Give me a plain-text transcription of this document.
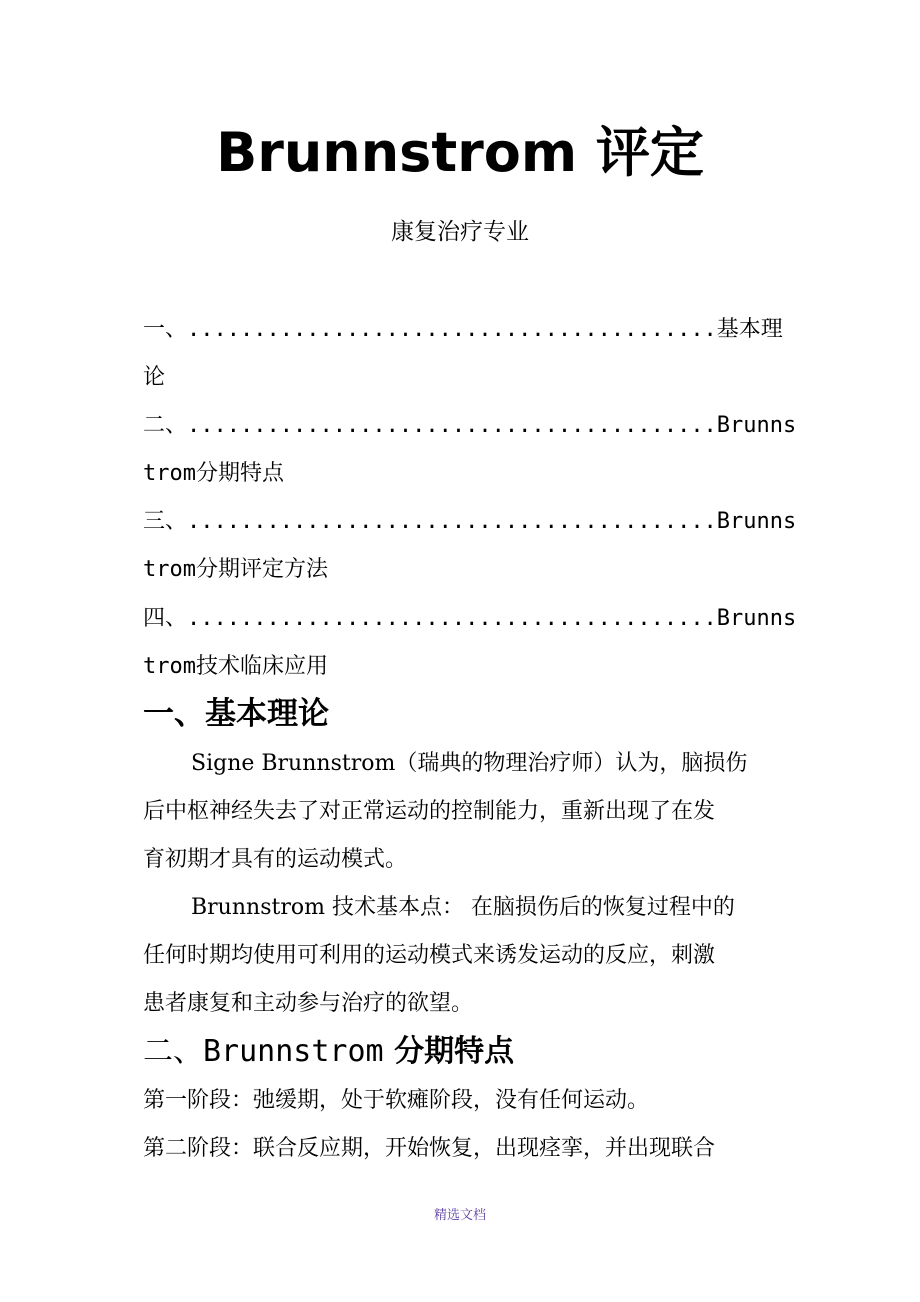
Brunnstrom 评定
康复治疗专业
一、........................................基本理
论
二、........................................Brunns
trom分期特点
三、........................................Brunns
trom分期评定方法
四、........................................Brunns
trom技术临床应用
一、基本理论
Signe Brunnstrom（瑞典的物理治疗师）认为，脑损伤
后中枢神经失去了对正常运动的控制能力，重新出现了在发
育初期才具有的运动模式。
Brunnstrom 技术基本点： 在脑损伤后的恢复过程中的
任何时期均使用可利用的运动模式来诱发运动的反应，刺激
患者康复和主动参与治疗的欲望。
二、Brunnstrom 分期特点
第一阶段：弛缓期，处于软瘫阶段，没有任何运动。
第二阶段：联合反应期，开始恢复，出现痉挛，并出现联合
精选文档
